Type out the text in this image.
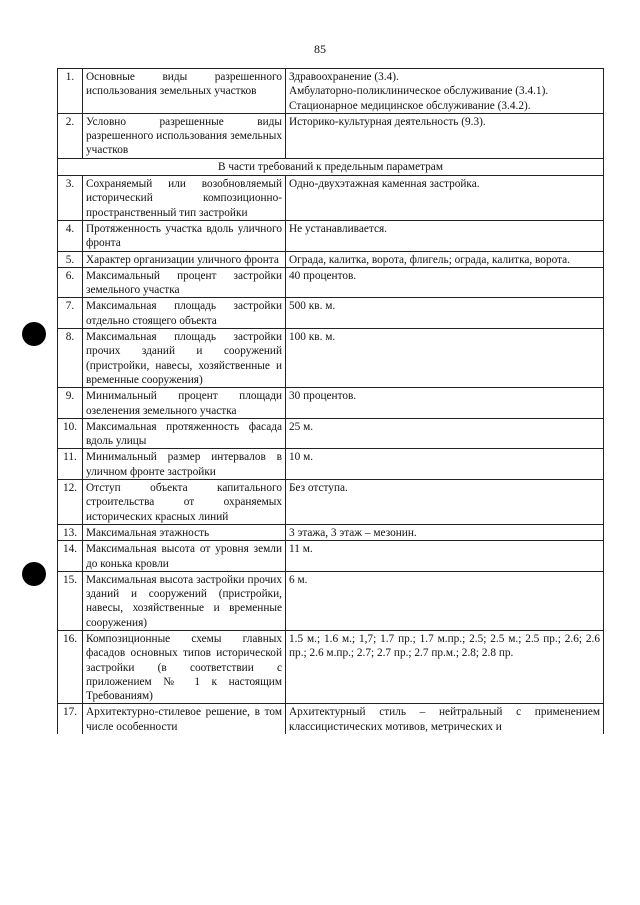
85
1.	Основные виды разрешенного использования земельных участков	Здравоохранение (3.4).
Амбулаторно-поликлиническое обслуживание (3.4.1).
Стационарное медицинское обслуживание (3.4.2).

2.	Условно разрешенные виды разрешенного использования земельных участков	Историко-культурная деятельность (9.3).

В части требований к предельным параметрам		
3.	Сохраняемый или возобновляемый исторический композиционно-пространственный тип застройки	Одно-двухэтажная каменная застройка.
4.	Протяженность участка вдоль уличного фронта	Не устанавливается.
5.	Характер организации уличного фронта	Ограда, калитка, ворота, флигель; ограда, калитка, ворота.
6.	Максимальный процент застройки земельного участка	40 процентов.
7.	Максимальная площадь застройки отдельно стоящего объекта	500 кв. м.
8.	Максимальная площадь застройки прочих зданий и сооружений (пристройки, навесы, хозяйственные и временные сооружения)	100 кв. м.
9.	Минимальный процент площади озеленения земельного участка	30 процентов.
10.	Максимальная протяженность фасада вдоль улицы	25 м.
11.	Минимальный размер интервалов в уличном фронте застройки	10 м.
12.	Отступ объекта капитального строительства от охраняемых исторических красных линий	Без отступа.
13.	Максимальная этажность	3 этажа, 3 этаж – мезонин.
14.	Максимальная высота от уровня земли до конька кровли	11 м.
15.	Максимальная высота застройки прочих зданий и сооружений (пристройки, навесы, хозяйственные и временные сооружения)	6 м.
16.	Композиционные схемы главных фасадов основных типов исторической застройки (в соответствии с приложением № 1 к настоящим Требованиям)	1.5 м.; 1.6 м.; 1,7; 1.7 пр.; 1.7 м.пр.; 2.5; 2.5 м.; 2.5 пр.; 2.6; 2.6 пр.; 2.6 м.пр.; 2.7; 2.7 пр.; 2.7 пр.м.; 2.8; 2.8 пр.
17.	Архитектурно-стилевое решение, в том числе особенности	Архитектурный стиль – нейтральный с применением классицистических мотивов, метрических и
